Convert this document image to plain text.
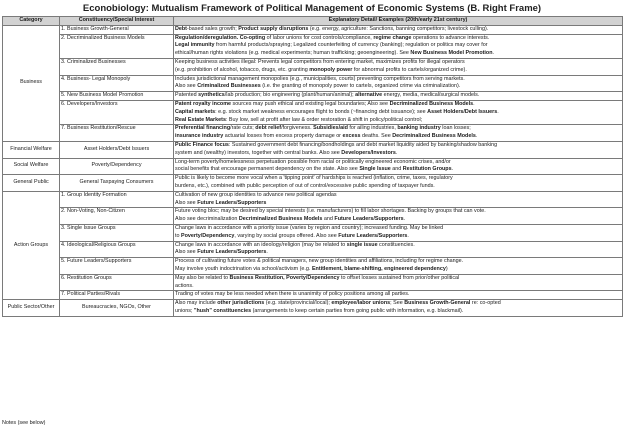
Econobiology: Mutualism Framework of Political Management of Economic Systems (B. Right Frame)
Category	Constituency/Special Interest	Explanatory Detail/ Examples (20th/early 21st century)
Business	1. Business Growth-General	Debt-based sales growth; Product supply disruptions (e.g. energy, agriculture: Sanctions, banning competitors; livestock culling).

	2. Decriminalized Business Models	Regulation/deregulation. Co-opting of labor unions for cost controls/compliance, regime change operations to advance interests.
Legal immunity from harmful products/spraying; Legalized counterfeiting of currency (banking); regulation or politics may cover for
ethical/human rights violations (e.g. medical experiments; human trafficking; geoengineering). See New Business Model Promotion.

	3. Criminalized Businesses	Keeping business activities illegal: Prevents legal competitors from entering market, maximizes profits for illegal operators
(e.g. prohibition of alcohol, tobacco, drugs, etc. granting monopoly power for abnormal profits to cartels/organized crime).

	4. Business- Legal Monopoly	Includes jurisdictional management monopolies (e.g., municipalities, courts) preventing competitors from serving markets.
Also see Criminalized Businesses (i.e. the granting of monopoly power to cartels, organized crime via criminalization).

	5. New Business Model Promotion	Patented synthetics/lab production; bio engineering (plant/human/animal); alternative energy, media, medical/surgical models.

	6. Developers/Investors	Patent royalty income sources may push ethical and existing legal boundaries; Also see Decriminalized Business Models.
Capital markets: e.g. stock market weakness encourages flight to bonds (~financing debt issuance); see Asset Holders/Debt Issuers.
Real Estate Markets: Buy low, sell at profit after law & order restoration & shift in policy/political control;

	7. Business Restitution/Rescue	Preferential financing/rate cuts; debt relief/forgiveness. Subsidies/aid for ailing industries, banking industry loan losses;
insurance industry actuarial losses from excess property damage or excess deaths. See Decriminalized Business Models.

Financial Welfare	Asset Holders/Debt Issuers	Public Finance focus: Sustained government debt financing/bondholdings and debt market liquidity aided by banking/shadow banking
system and (wealthy) investors, together with central banks. Also see Developers/Investors.

Social Welfare	Poverty/Dependency	Long-term poverty/homelessness perpetuation possible from racial or politically engineered economic crises, and/or
social benefits that encourage permanent dependency on the state. Also see Single Issue and Restitution Groups.

General Public	General Taxpaying Consumers	Public is likely to become more vocal when a 'tipping point' of hardships is reached (inflation, crime, taxes, regulatory
burdens, etc.), combined with public perception of out of control/excessive public spending of taxpayer funds.

Action Groups	1. Group Identity Formation	Cultivation of new group identities to advance new political agendas
Also see Future Leaders/Supporters

	2. Non-Voting, Non-Citizen	Future voting bloc; may be desired by special interests (i.e. manufacturers) to fill labor shortages. Backing by groups that can vote.
Also see decriminalization Decriminalized Business Models and Future Leaders/Supporters.

	3. Single Issue Groups	Change laws in accordance with a priority issue (varies by region and country); increased funding. May be linked
to Poverty/Dependency, varying by social groups offered. Also see Future Leaders/Supporters.

	4. Ideological/Religious Groups	Change laws in accordance with an ideology/religion (may be related to single issue constituencies.
Also see Future Leaders/Supporters.

	5. Future Leaders/Supporters	Process of cultivating future votes & political managers, new group identities and affiliations, including for regime change.
May involve youth indoctrination via school/activism (e.g. Entitlement, blame-shifting, engineered dependency)

	6. Restitution Groups	May also be related to Business Restitution, Poverty/Dependency to offset losses sustained from prior/other political
actions.

	7. Political Parties/Rivals	Trading of votes may be less needed when there is unanimity of policy positions among all parties.

Public Sector/Other	Bureaucracies, NGOs, Other	Also may include other jurisdictions (e.g. state/provincial/local); employee/labor unions; See Business Growth-General re: co-opted
unions; "hush" constituencies (arrangements to keep certain parties from going public with information, e.g. blackmail).
Notes (see below)
